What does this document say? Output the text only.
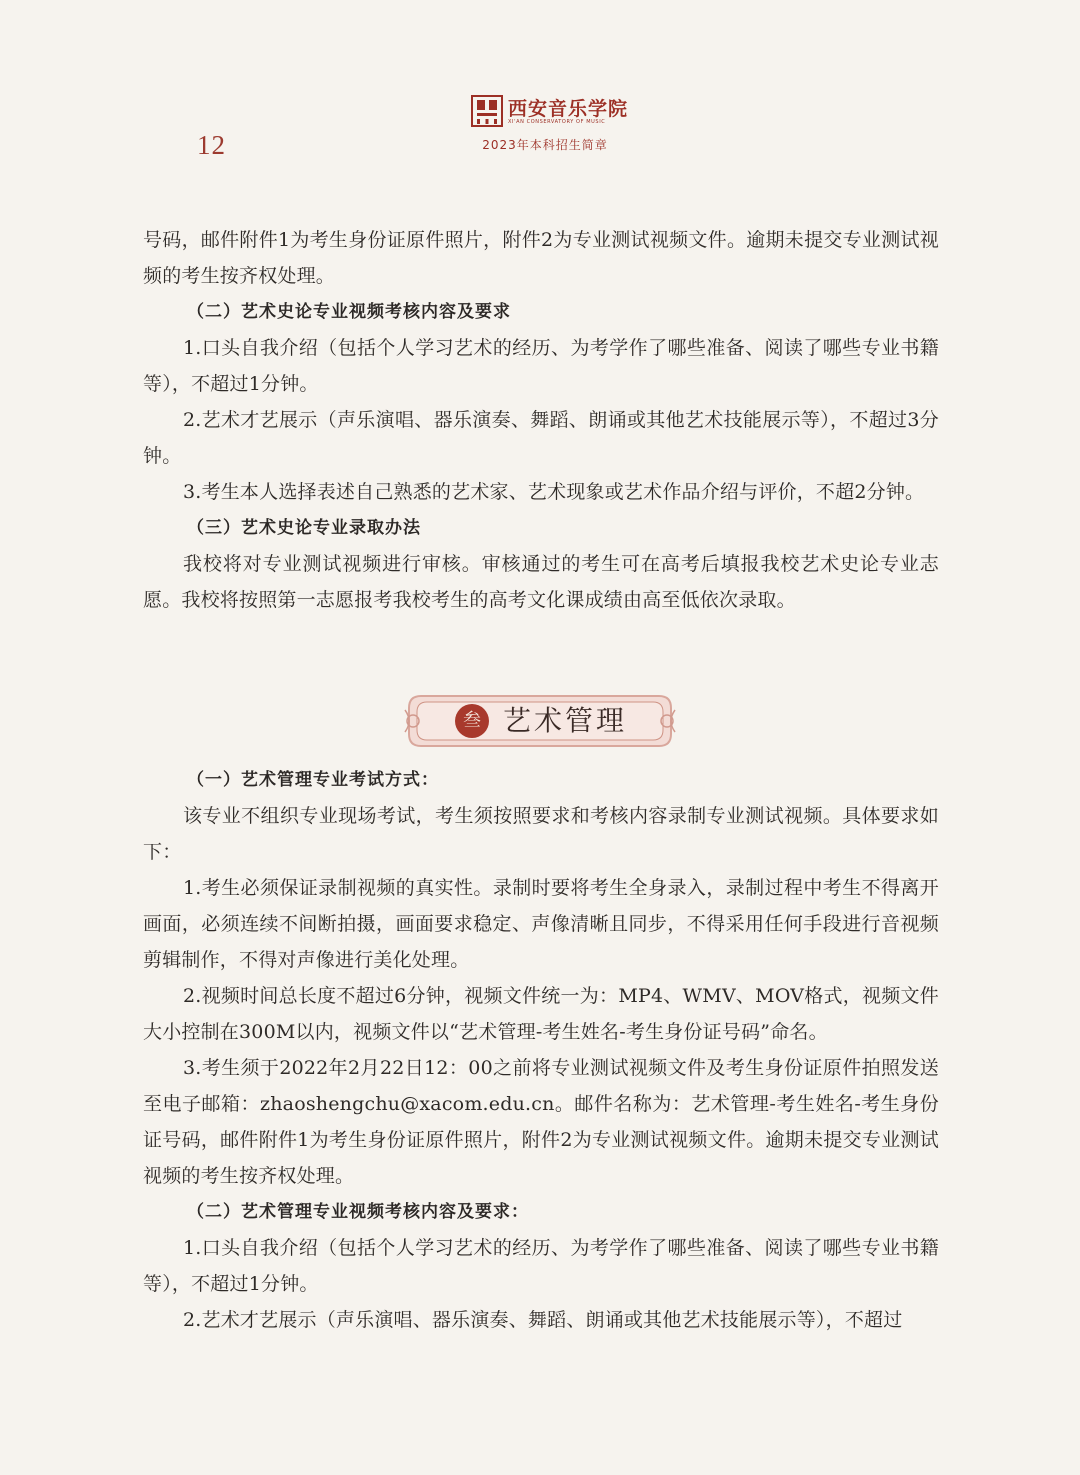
12
西安音乐学院
XI'AN CONSERVATORY OF MUSIC
2023年本科招生简章

号码，邮件附件1为考生身份证原件照片，附件2为专业测试视频文件。逾期未提交专业测试视频的考生按齐权处理。

（二）艺术史论专业视频考核内容及要求

1.口头自我介绍（包括个人学习艺术的经历、为考学作了哪些准备、阅读了哪些专业书籍等），不超过1分钟。

2.艺术才艺展示（声乐演唱、器乐演奏、舞蹈、朗诵或其他艺术技能展示等），不超过3分钟。

3.考生本人选择表述自己熟悉的艺术家、艺术现象或艺术作品介绍与评价，不超2分钟。

（三）艺术史论专业录取办法

我校将对专业测试视频进行审核。审核通过的考生可在高考后填报我校艺术史论专业志愿。我校将按照第一志愿报考我校考生的高考文化课成绩由高至低依次录取。

叁 艺术管理

（一）艺术管理专业考试方式：

该专业不组织专业现场考试，考生须按照要求和考核内容录制专业测试视频。具体要求如下：

1.考生必须保证录制视频的真实性。录制时要将考生全身录入，录制过程中考生不得离开画面，必须连续不间断拍摄，画面要求稳定、声像清晰且同步，不得采用任何手段进行音视频剪辑制作，不得对声像进行美化处理。

2.视频时间总长度不超过6分钟，视频文件统一为：MP4、WMV、MOV格式，视频文件大小控制在300M以内，视频文件以“艺术管理-考生姓名-考生身份证号码”命名。

3.考生须于2022年2月22日12：00之前将专业测试视频文件及考生身份证原件拍照发送至电子邮箱：zhaoshengchu@xacom.edu.cn。邮件名称为：艺术管理-考生姓名-考生身份证号码，邮件附件1为考生身份证原件照片，附件2为专业测试视频文件。逾期未提交专业测试视频的考生按齐权处理。

（二）艺术管理专业视频考核内容及要求：

1.口头自我介绍（包括个人学习艺术的经历、为考学作了哪些准备、阅读了哪些专业书籍等），不超过1分钟。

2.艺术才艺展示（声乐演唱、器乐演奏、舞蹈、朗诵或其他艺术技能展示等），不超过
